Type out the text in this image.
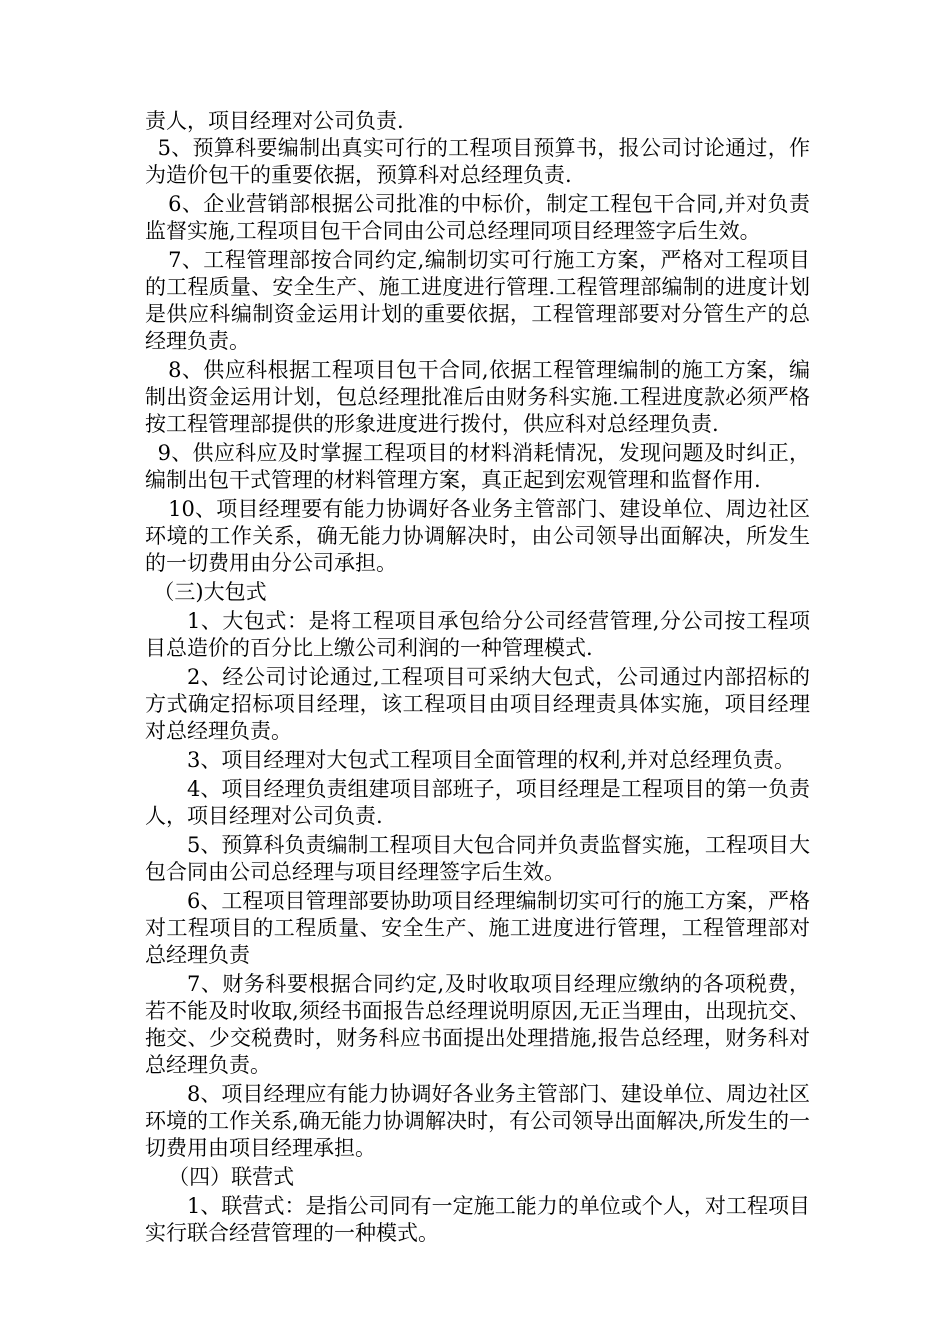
责人，项目经理对公司负责.

5、预算科要编制出真实可行的工程项目预算书，报公司讨论通过，作为造价包干的重要依据，预算科对总经理负责.

6、企业营销部根据公司批准的中标价，制定工程包干合同,并对负责监督实施,工程项目包干合同由公司总经理同项目经理签字后生效。

7、工程管理部按合同约定,编制切实可行施工方案，严格对工程项目的工程质量、安全生产、施工进度进行管理.工程管理部编制的进度计划是供应科编制资金运用计划的重要依据，工程管理部要对分管生产的总经理负责。

8、供应科根据工程项目包干合同,依据工程管理编制的施工方案，编制出资金运用计划，包总经理批准后由财务科实施.工程进度款必须严格按工程管理部提供的形象进度进行拨付，供应科对总经理负责.

9、供应科应及时掌握工程项目的材料消耗情况，发现问题及时纠正，编制出包干式管理的材料管理方案，真正起到宏观管理和监督作用.

10、项目经理要有能力协调好各业务主管部门、建设单位、周边社区环境的工作关系，确无能力协调解决时，由公司领导出面解决，所发生的一切费用由分公司承担。

（三)大包式

1、大包式：是将工程项目承包给分公司经营管理,分公司按工程项目总造价的百分比上缴公司利润的一种管理模式.

2、经公司讨论通过,工程项目可采纳大包式，公司通过内部招标的方式确定招标项目经理，该工程项目由项目经理责具体实施，项目经理对总经理负责。

3、项目经理对大包式工程项目全面管理的权利,并对总经理负责。

4、项目经理负责组建项目部班子，项目经理是工程项目的第一负责人，项目经理对公司负责.

5、预算科负责编制工程项目大包合同并负责监督实施，工程项目大包合同由公司总经理与项目经理签字后生效。

6、工程项目管理部要协助项目经理编制切实可行的施工方案，严格对工程项目的工程质量、安全生产、施工进度进行管理，工程管理部对总经理负责

7、财务科要根据合同约定,及时收取项目经理应缴纳的各项税费，若不能及时收取,须经书面报告总经理说明原因,无正当理由，出现抗交、拖交、少交税费时，财务科应书面提出处理措施,报告总经理，财务科对总经理负责。

8、项目经理应有能力协调好各业务主管部门、建设单位、周边社区环境的工作关系,确无能力协调解决时，有公司领导出面解决,所发生的一切费用由项目经理承担。

（四）联营式

1、联营式：是指公司同有一定施工能力的单位或个人，对工程项目实行联合经营管理的一种模式。
